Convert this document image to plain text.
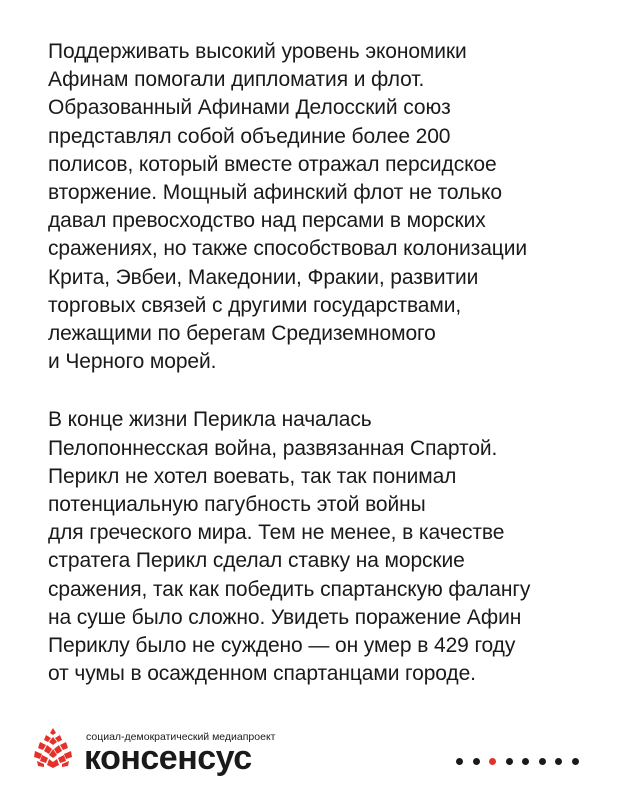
Поддерживать высокий уровень экономики
Афинам помогали дипломатия и флот.
Образованный Афинами Делосский союз
представлял собой объединие более 200
полисов, который вместе отражал персидское
вторжение. Мощный афинский флот не только
давал превосходство над персами в морских
сражениях, но также способствовал колонизации
Крита, Эвбеи, Македонии, Фракии, развитии
торговых связей с другими государствами,
лежащими по берегам Средиземномого
и Черного морей.

В конце жизни Перикла началась
Пелопоннесская война, развязанная Спартой.
Перикл не хотел воевать, так так понимал
потенциальную пагубность этой войны
для греческого мира. Тем не менее, в качестве
стратега Перикл сделал ставку на морские
сражения, так как победить спартанскую фалангу
на суше было сложно. Увидеть поражение Афин
Периклу было не суждено — он умер в 429 году
от чумы в осажденном спартанцами городе.

социал-демократический медиапроект
консенсус
